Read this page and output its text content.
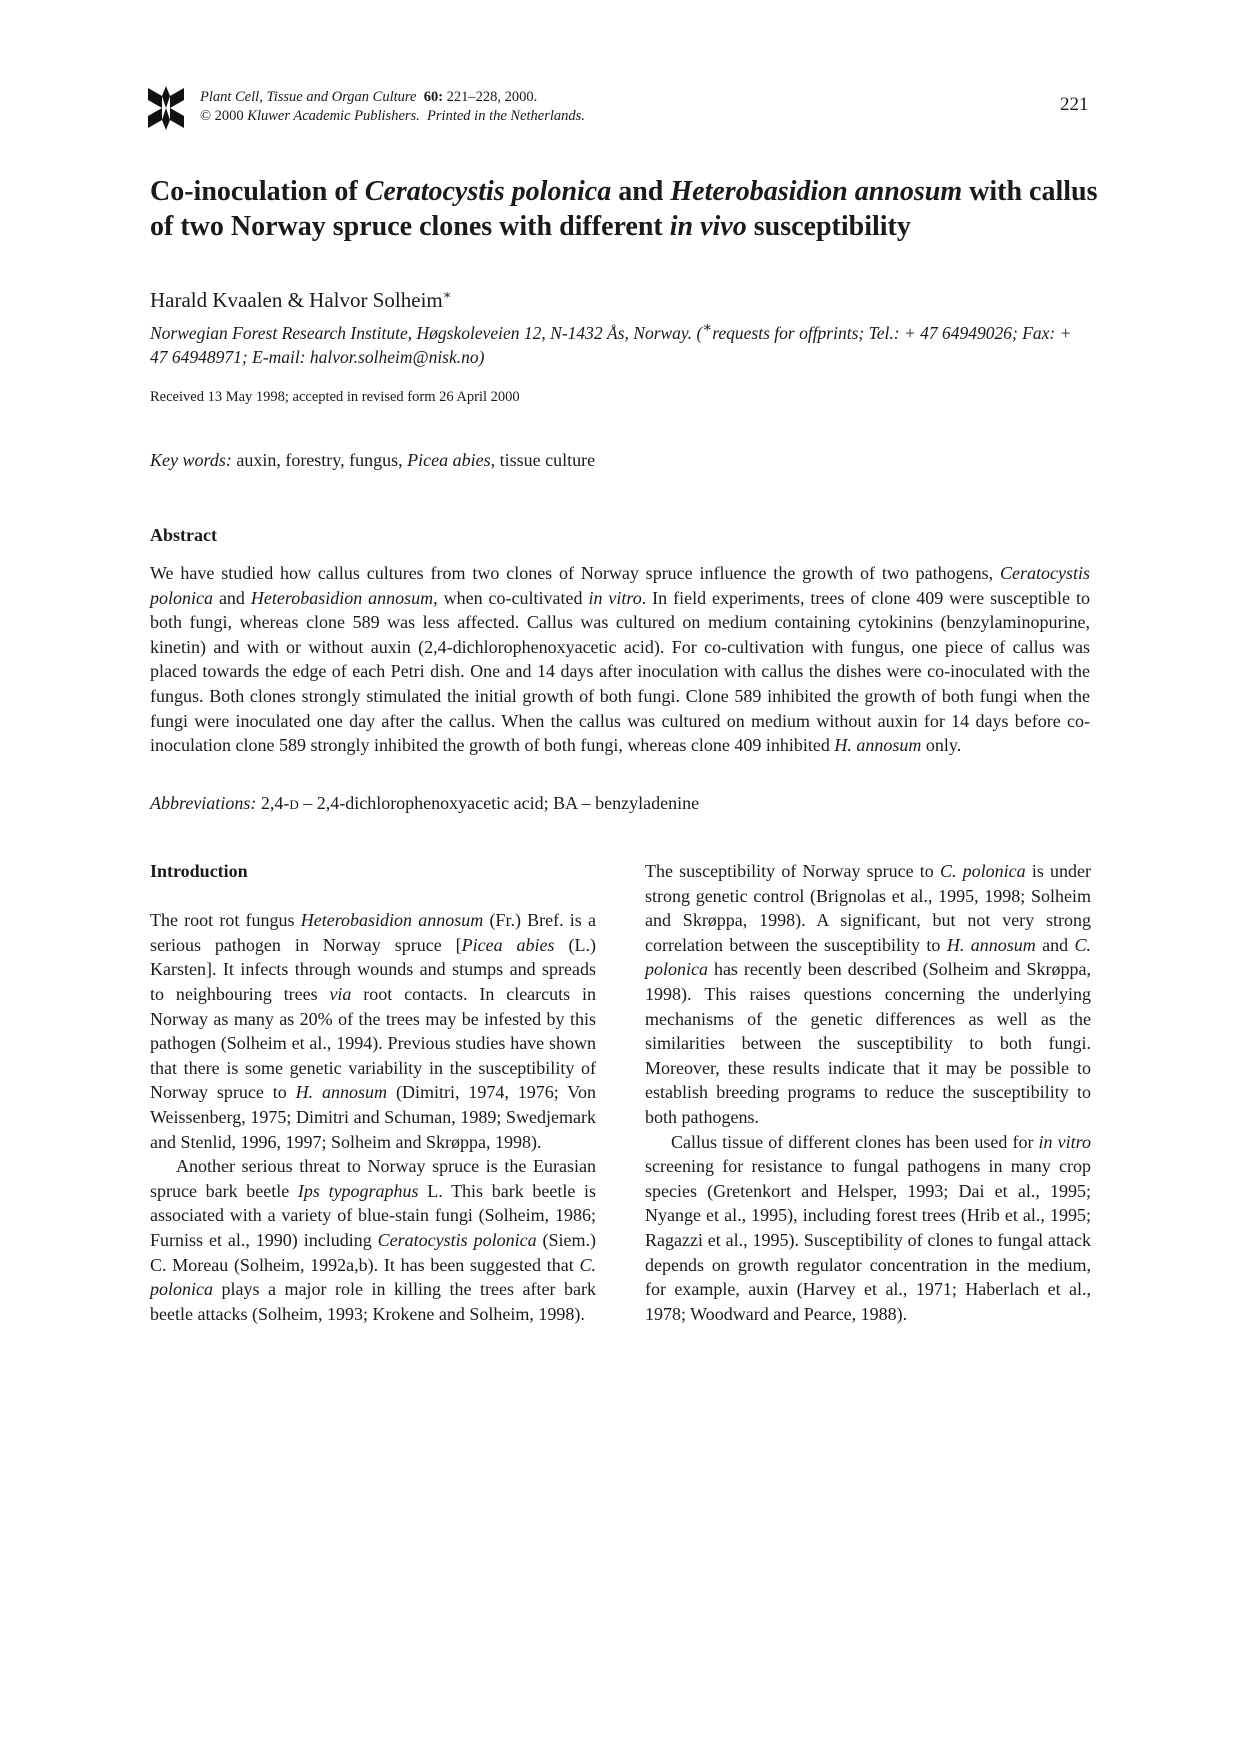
Plant Cell, Tissue and Organ Culture 60: 221–228, 2000.
© 2000 Kluwer Academic Publishers. Printed in the Netherlands.
221
Co-inoculation of Ceratocystis polonica and Heterobasidion annosum with callus of two Norway spruce clones with different in vivo susceptibility
Harald Kvaalen & Halvor Solheim∗
Norwegian Forest Research Institute, Høgskoleveien 12, N-1432 Ås, Norway. (∗requests for offprints; Tel.: + 47 64949026; Fax: + 47 64948971; E-mail: halvor.solheim@nisk.no)
Received 13 May 1998; accepted in revised form 26 April 2000
Key words: auxin, forestry, fungus, Picea abies, tissue culture
Abstract

We have studied how callus cultures from two clones of Norway spruce influence the growth of two pathogens, Ceratocystis polonica and Heterobasidion annosum, when co-cultivated in vitro. In field experiments, trees of clone 409 were susceptible to both fungi, whereas clone 589 was less affected. Callus was cultured on medium containing cytokinins (benzylaminopurine, kinetin) and with or without auxin (2,4-dichlorophenoxyacetic acid). For co-cultivation with fungus, one piece of callus was placed towards the edge of each Petri dish. One and 14 days after inoculation with callus the dishes were co-inoculated with the fungus. Both clones strongly stimulated the initial growth of both fungi. Clone 589 inhibited the growth of both fungi when the fungi were inoculated one day after the callus. When the callus was cultured on medium without auxin for 14 days before co-inoculation clone 589 strongly inhibited the growth of both fungi, whereas clone 409 inhibited H. annosum only.

Abbreviations: 2,4-d – 2,4-dichlorophenoxyacetic acid; BA – benzyladenine
Introduction

The root rot fungus Heterobasidion annosum (Fr.) Bref. is a serious pathogen in Norway spruce [Picea abies (L.) Karsten]. It infects through wounds and stumps and spreads to neighbouring trees via root contacts. In clearcuts in Norway as many as 20% of the trees may be infested by this pathogen (Solheim et al., 1994). Previous studies have shown that there is some genetic variability in the susceptibility of Norway spruce to H. annosum (Dimitri, 1974, 1976; Von Weissenberg, 1975; Dimitri and Schuman, 1989; Swedjemark and Stenlid, 1996, 1997; Solheim and Skrøppa, 1998).

Another serious threat to Norway spruce is the Eurasian spruce bark beetle Ips typographus L. This bark beetle is associated with a variety of blue-stain fungi (Solheim, 1986; Furniss et al., 1990) including Ceratocystis polonica (Siem.) C. Moreau (Solheim, 1992a,b). It has been suggested that C. polonica plays a major role in killing the trees after bark beetle attacks (Solheim, 1993; Krokene and Solheim, 1998).

The susceptibility of Norway spruce to C. polonica is under strong genetic control (Brignolas et al., 1995, 1998; Solheim and Skrøppa, 1998). A significant, but not very strong correlation between the susceptibility to H. annosum and C. polonica has recently been described (Solheim and Skrøppa, 1998). This raises questions concerning the underlying mechanisms of the genetic differences as well as the similarities between the susceptibility to both fungi. Moreover, these results indicate that it may be possible to establish breeding programs to reduce the susceptibility to both pathogens.

Callus tissue of different clones has been used for in vitro screening for resistance to fungal pathogens in many crop species (Gretenkort and Helsper, 1993; Dai et al., 1995; Nyange et al., 1995), including forest trees (Hrib et al., 1995; Ragazzi et al., 1995). Susceptibility of clones to fungal attack depends on growth regulator concentration in the medium, for example, auxin (Harvey et al., 1971; Haberlach et al., 1978; Woodward and Pearce, 1988).
